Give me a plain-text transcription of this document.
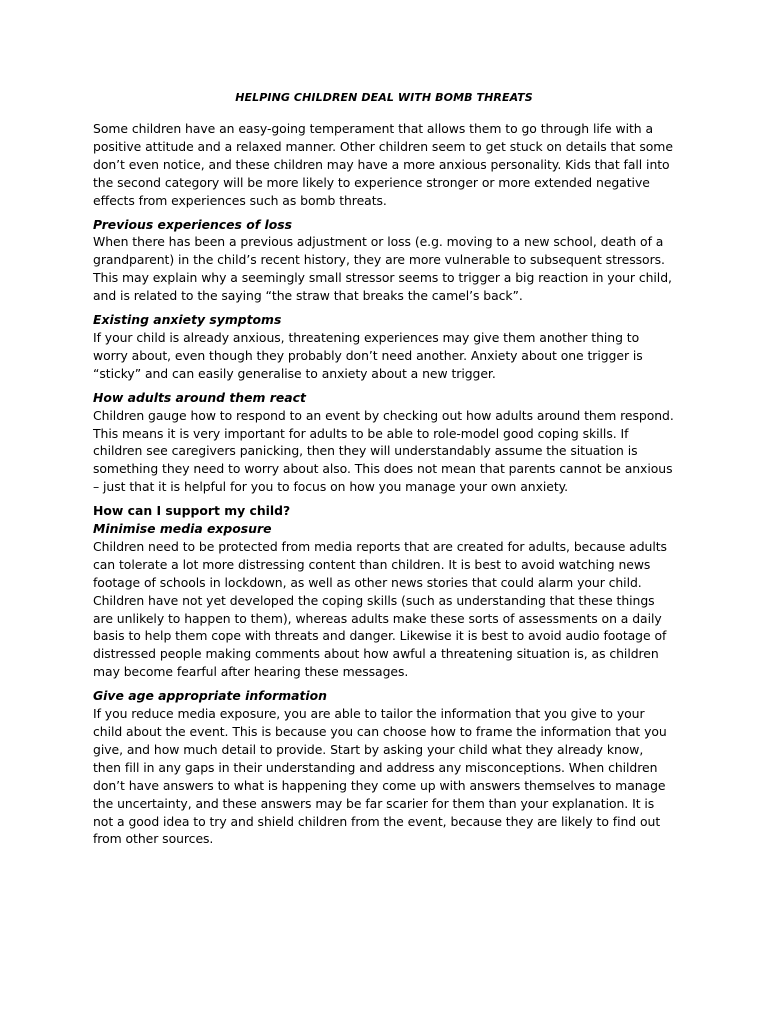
HELPING CHILDREN DEAL WITH BOMB THREATS

Some children have an easy-going temperament that allows them to go through life with a positive attitude and a relaxed manner. Other children seem to get stuck on details that some don’t even notice, and these children may have a more anxious personality. Kids that fall into the second category will be more likely to experience stronger or more extended negative effects from experiences such as bomb threats.

Previous experiences of loss

When there has been a previous adjustment or loss (e.g. moving to a new school, death of a grandparent) in the child’s recent history, they are more vulnerable to subsequent stressors. This may explain why a seemingly small stressor seems to trigger a big reaction in your child, and is related to the saying “the straw that breaks the camel’s back”.

Existing anxiety symptoms

If your child is already anxious, threatening experiences may give them another thing to worry about, even though they probably don’t need another. Anxiety about one trigger is “sticky” and can easily generalise to anxiety about a new trigger.

How adults around them react

Children gauge how to respond to an event by checking out how adults around them respond. This means it is very important for adults to be able to role-model good coping skills. If children see caregivers panicking, then they will understandably assume the situation is something they need to worry about also. This does not mean that parents cannot be anxious – just that it is helpful for you to focus on how you manage your own anxiety.

How can I support my child?

Minimise media exposure

Children need to be protected from media reports that are created for adults, because adults can tolerate a lot more distressing content than children. It is best to avoid watching news footage of schools in lockdown, as well as other news stories that could alarm your child. Children have not yet developed the coping skills (such as understanding that these things are unlikely to happen to them), whereas adults make these sorts of assessments on a daily basis to help them cope with threats and danger. Likewise it is best to avoid audio footage of distressed people making comments about how awful a threatening situation is, as children may become fearful after hearing these messages.

Give age appropriate information

If you reduce media exposure, you are able to tailor the information that you give to your child about the event. This is because you can choose how to frame the information that you give, and how much detail to provide. Start by asking your child what they already know, then fill in any gaps in their understanding and address any misconceptions. When children don’t have answers to what is happening they come up with answers themselves to manage the uncertainty, and these answers may be far scarier for them than your explanation. It is not a good idea to try and shield children from the event, because they are likely to find out from other sources.
